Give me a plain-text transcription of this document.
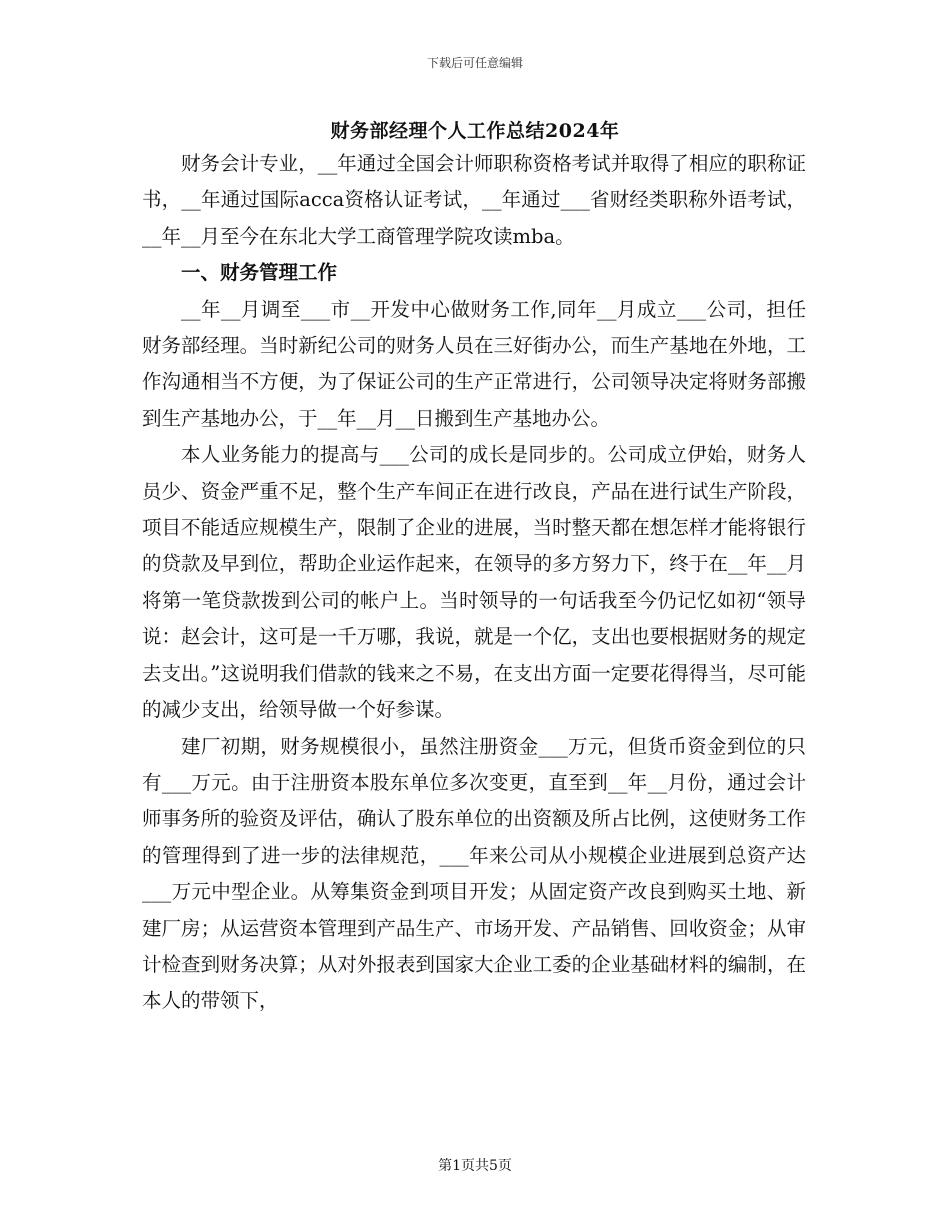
下载后可任意编辑
财务部经理个人工作总结2024年

财务会计专业，__年通过全国会计师职称资格考试并取得了相应的职称证书，__年通过国际acca资格认证考试，__年通过___省财经类职称外语考试，__年__月至今在东北大学工商管理学院攻读mba。

一、财务管理工作

__年__月调至___市__开发中心做财务工作,同年__月成立___公司，担任财务部经理。当时新纪公司的财务人员在三好街办公，而生产基地在外地，工作沟通相当不方便，为了保证公司的生产正常进行，公司领导决定将财务部搬到生产基地办公，于__年__月__日搬到生产基地办公。

本人业务能力的提高与___公司的成长是同步的。公司成立伊始，财务人员少、资金严重不足，整个生产车间正在进行改良，产品在进行试生产阶段，项目不能适应规模生产，限制了企业的进展，当时整天都在想怎样才能将银行的贷款及早到位，帮助企业运作起来，在领导的多方努力下，终于在__年__月将第一笔贷款拨到公司的帐户上。当时领导的一句话我至今仍记忆如初“领导说：赵会计，这可是一千万哪，我说，就是一个亿，支出也要根据财务的规定去支出。”这说明我们借款的钱来之不易，在支出方面一定要花得得当，尽可能的减少支出，给领导做一个好参谋。

建厂初期，财务规模很小，虽然注册资金___万元，但货币资金到位的只有___万元。由于注册资本股东单位多次变更，直至到__年__月份，通过会计师事务所的验资及评估，确认了股东单位的出资额及所占比例，这使财务工作的管理得到了进一步的法律规范，___年来公司从小规模企业进展到总资产达___万元中型企业。从筹集资金到项目开发；从固定资产改良到购买土地、新建厂房；从运营资本管理到产品生产、市场开发、产品销售、回收资金；从审计检查到财务决算；从对外报表到国家大企业工委的企业基础材料的编制，在本人的带领下，

第1页共5页
